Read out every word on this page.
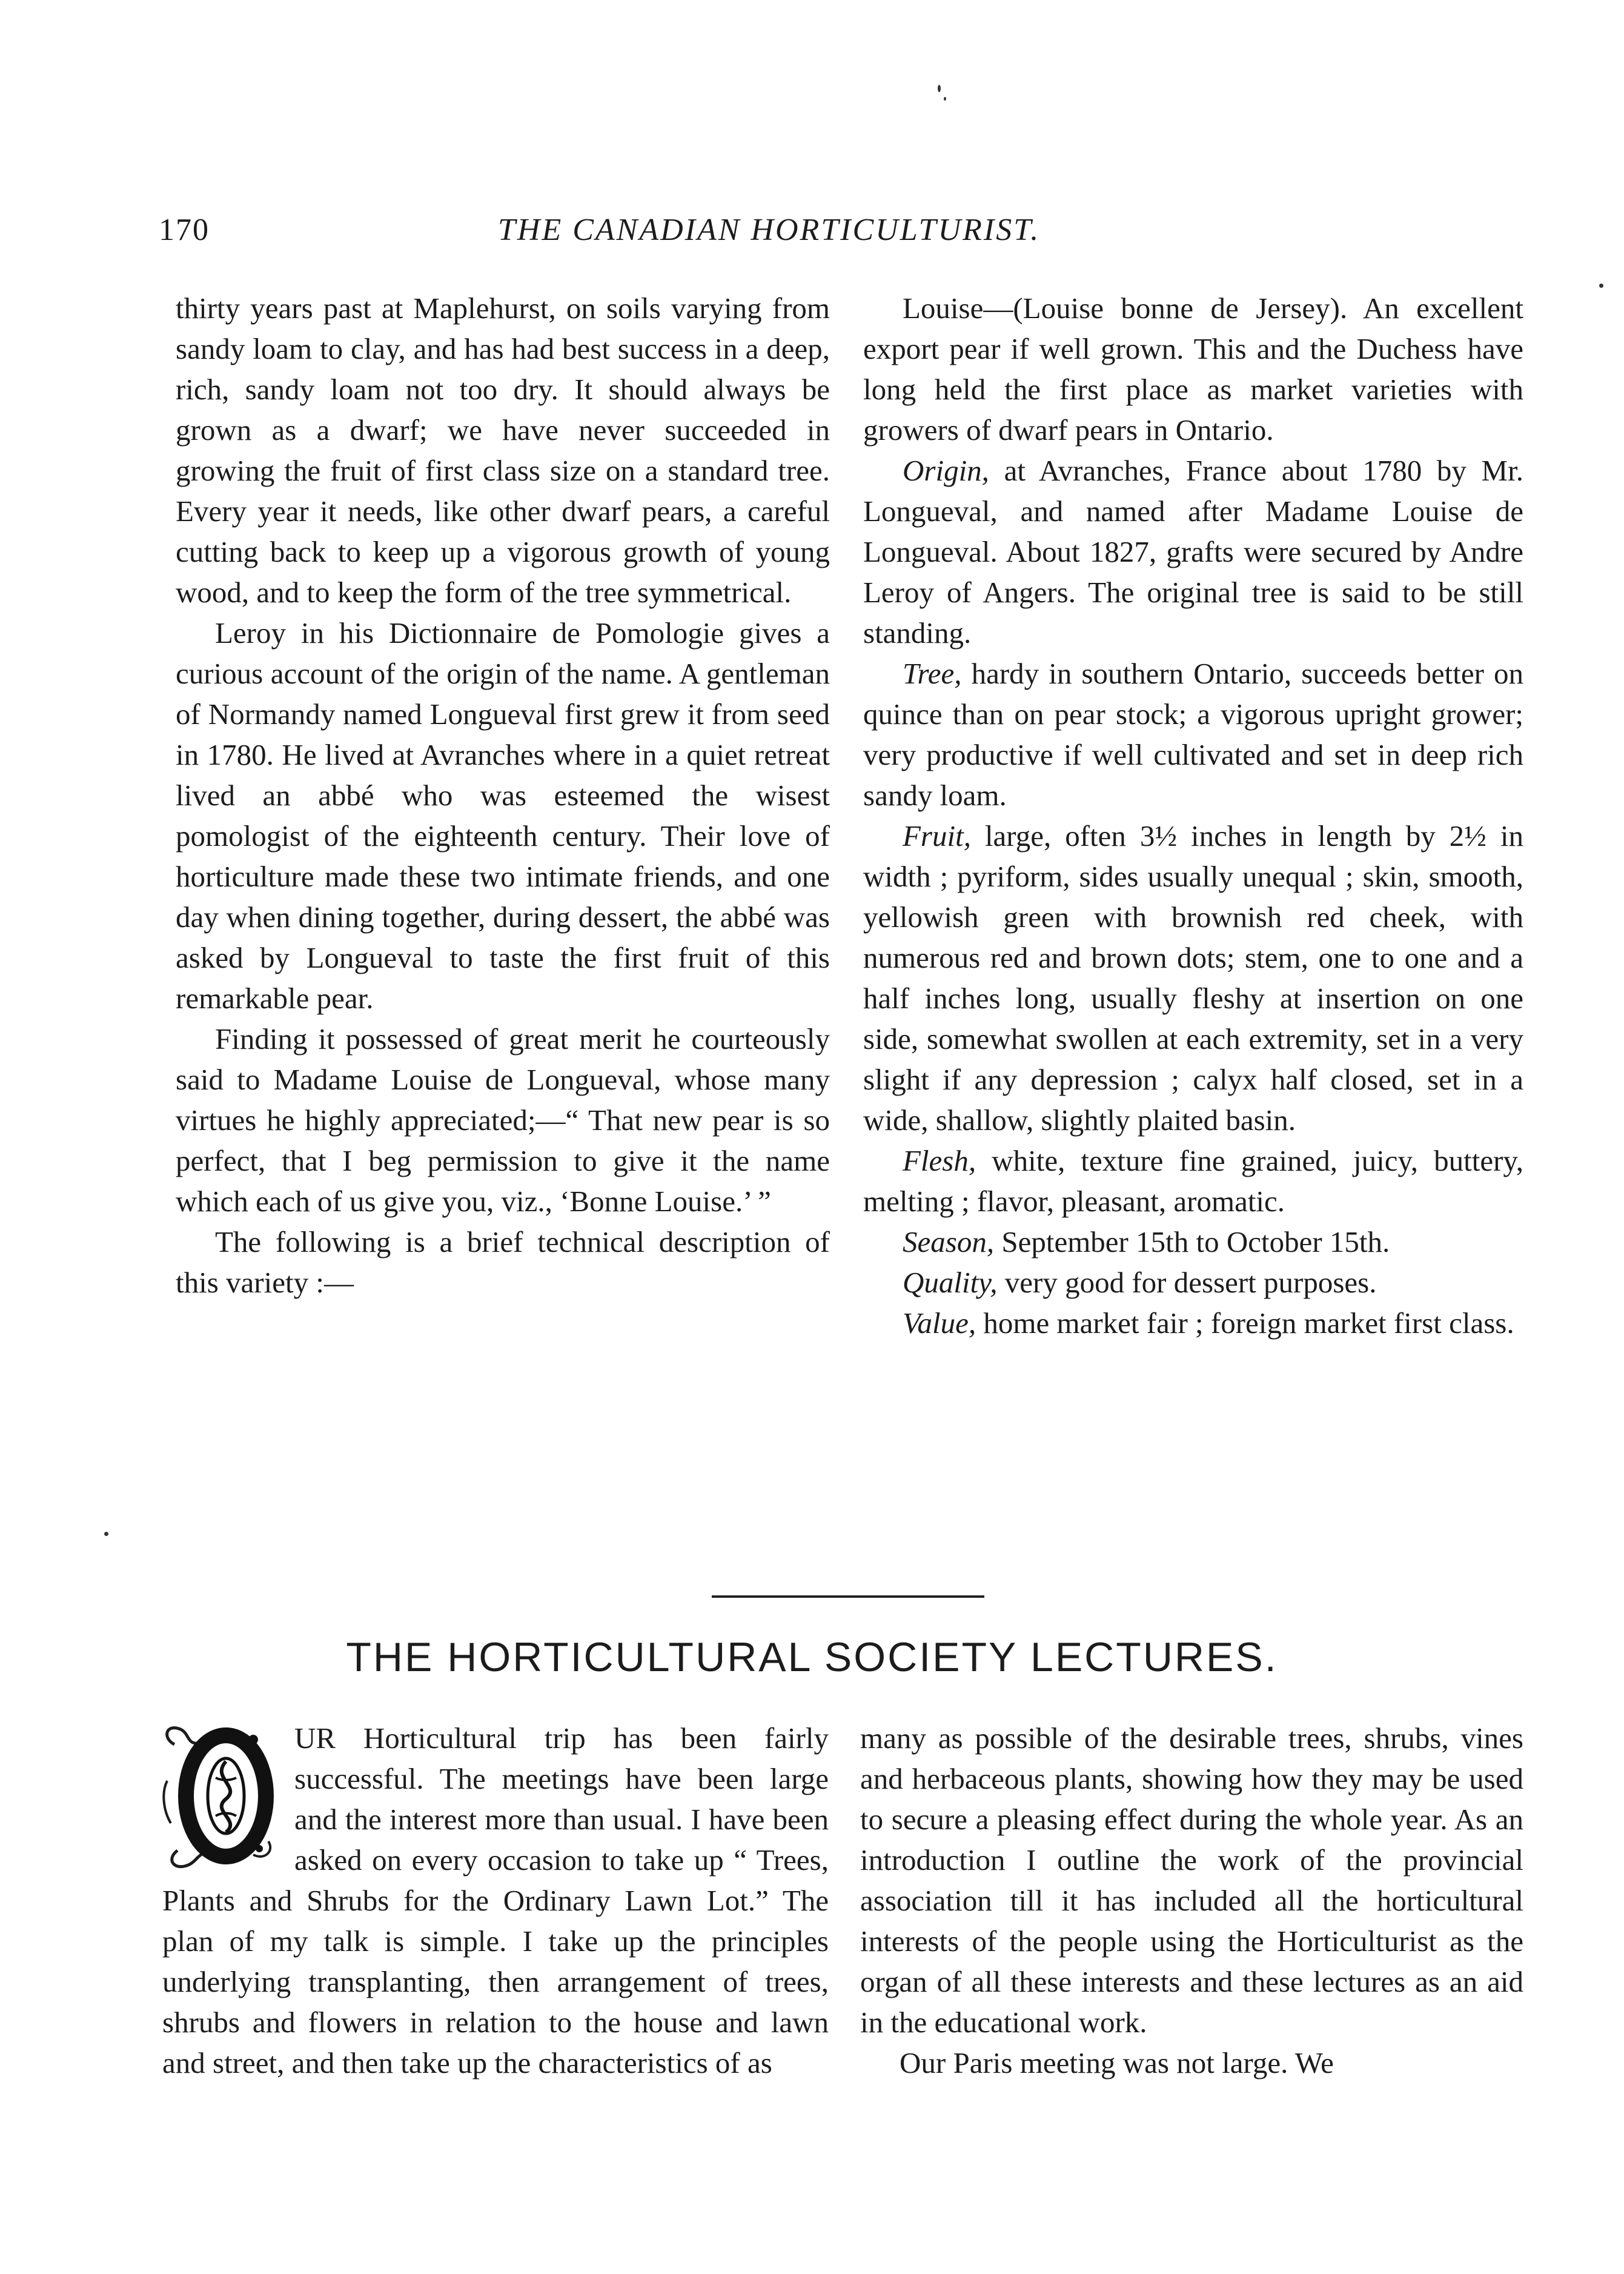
170	THE CANADIAN HORTICULTURIST.

thirty years past at Maplehurst, on soils varying from sandy loam to clay, and has had best success in a deep, rich, sandy loam not too dry. It should always be grown as a dwarf; we have never succeeded in growing the fruit of first class size on a standard tree. Every year it needs, like other dwarf pears, a careful cutting back to keep up a vigorous growth of young wood, and to keep the form of the tree symmetrical.

Leroy in his Dictionnaire de Pomologie gives a curious account of the origin of the name. A gentleman of Normandy named Longueval first grew it from seed in 1780. He lived at Avranches where in a quiet retreat lived an abbé who was esteemed the wisest pomologist of the eighteenth century. Their love of horticulture made these two intimate friends, and one day when dining together, during dessert, the abbé was asked by Longueval to taste the first fruit of this remarkable pear.

Finding it possessed of great merit he courteously said to Madame Louise de Longueval, whose many virtues he highly appreciated;—“ That new pear is so perfect, that I beg permission to give it the name which each of us give you, viz., ‘Bonne Louise.’ ”

The following is a brief technical description of this variety :—

Louise—(Louise bonne de Jersey). An excellent export pear if well grown. This and the Duchess have long held the first place as market varieties with growers of dwarf pears in Ontario.

Origin, at Avranches, France about 1780 by Mr. Longueval, and named after Madame Louise de Longueval. About 1827, grafts were secured by Andre Leroy of Angers. The original tree is said to be still standing.

Tree, hardy in southern Ontario, succeeds better on quince than on pear stock; a vigorous upright grower; very productive if well cultivated and set in deep rich sandy loam.

Fruit, large, often 3½ inches in length by 2½ in width ; pyriform, sides usually unequal ; skin, smooth, yellowish green with brownish red cheek, with numerous red and brown dots; stem, one to one and a half inches long, usually fleshy at insertion on one side, somewhat swollen at each extremity, set in a very slight if any depression ; calyx half closed, set in a wide, shallow, slightly plaited basin.

Flesh, white, texture fine grained, juicy, buttery, melting ; flavor, pleasant, aromatic.

Season, September 15th to October 15th.

Quality, very good for dessert purposes.

Value, home market fair ; foreign market first class.

THE HORTICULTURAL SOCIETY LECTURES.

UR Horticultural trip has been fairly successful. The meetings have been large and the interest more than usual. I have been asked on every occasion to take up “ Trees, Plants and Shrubs for the Ordinary Lawn Lot.” The plan of my talk is simple. I take up the principles underlying transplanting, then arrangement of trees, shrubs and flowers in relation to the house and lawn and street, and then take up the characteristics of as

many as possible of the desirable trees, shrubs, vines and herbaceous plants, showing how they may be used to secure a pleasing effect during the whole year. As an introduction I outline the work of the provincial association till it has included all the horticultural interests of the people using the Horticulturist as the organ of all these interests and these lectures as an aid in the educational work.

Our Paris meeting was not large. We
